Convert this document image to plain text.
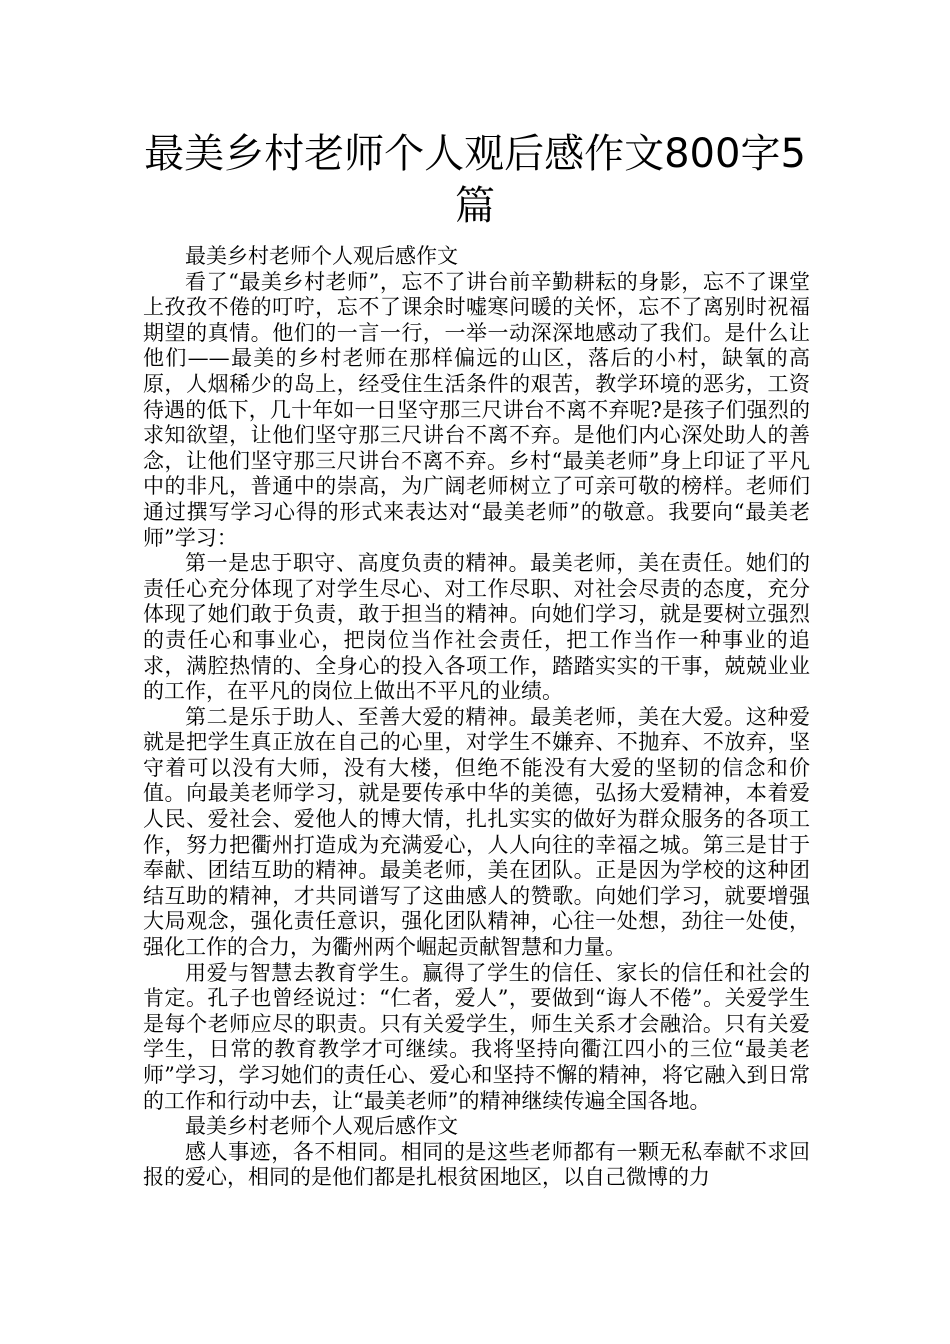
最美乡村老师个人观后感作文800字5篇

最美乡村老师个人观后感作文

看了“最美乡村老师”，忘不了讲台前辛勤耕耘的身影，忘不了课堂上孜孜不倦的叮咛，忘不了课余时嘘寒问暖的关怀，忘不了离别时祝福期望的真情。他们的一言一行，一举一动深深地感动了我们。是什么让他们——最美的乡村老师在那样偏远的山区，落后的小村，缺氧的高原，人烟稀少的岛上，经受住生活条件的艰苦，教学环境的恶劣，工资待遇的低下，几十年如一日坚守那三尺讲台不离不弃呢?是孩子们强烈的求知欲望，让他们坚守那三尺讲台不离不弃。是他们内心深处助人的善念，让他们坚守那三尺讲台不离不弃。乡村“最美老师”身上印证了平凡中的非凡，普通中的崇高，为广阔老师树立了可亲可敬的榜样。老师们通过撰写学习心得的形式来表达对“最美老师”的敬意。我要向“最美老师”学习：

第一是忠于职守、高度负责的精神。最美老师，美在责任。她们的责任心充分体现了对学生尽心、对工作尽职、对社会尽责的态度，充分体现了她们敢于负责，敢于担当的精神。向她们学习，就是要树立强烈的责任心和事业心，把岗位当作社会责任，把工作当作一种事业的追求，满腔热情的、全身心的投入各项工作，踏踏实实的干事，兢兢业业的工作，在平凡的岗位上做出不平凡的业绩。

第二是乐于助人、至善大爱的精神。最美老师，美在大爱。这种爱就是把学生真正放在自己的心里，对学生不嫌弃、不抛弃、不放弃，坚守着可以没有大师，没有大楼，但绝不能没有大爱的坚韧的信念和价值。向最美老师学习，就是要传承中华的美德，弘扬大爱精神，本着爱人民、爱社会、爱他人的博大情，扎扎实实的做好为群众服务的各项工作，努力把衢州打造成为充满爱心，人人向往的幸福之城。第三是甘于奉献、团结互助的精神。最美老师，美在团队。正是因为学校的这种团结互助的精神，才共同谱写了这曲感人的赞歌。向她们学习，就要增强大局观念，强化责任意识，强化团队精神，心往一处想，劲往一处使，强化工作的合力，为衢州两个崛起贡献智慧和力量。

用爱与智慧去教育学生。赢得了学生的信任、家长的信任和社会的肯定。孔子也曾经说过：“仁者，爱人”，要做到“诲人不倦”。关爱学生是每个老师应尽的职责。只有关爱学生，师生关系才会融洽。只有关爱学生，日常的教育教学才可继续。我将坚持向衢江四小的三位“最美老师”学习，学习她们的责任心、爱心和坚持不懈的精神，将它融入到日常的工作和行动中去，让“最美老师”的精神继续传遍全国各地。

最美乡村老师个人观后感作文

感人事迹，各不相同。相同的是这些老师都有一颗无私奉献不求回报的爱心，相同的是他们都是扎根贫困地区，以自己微博的力
